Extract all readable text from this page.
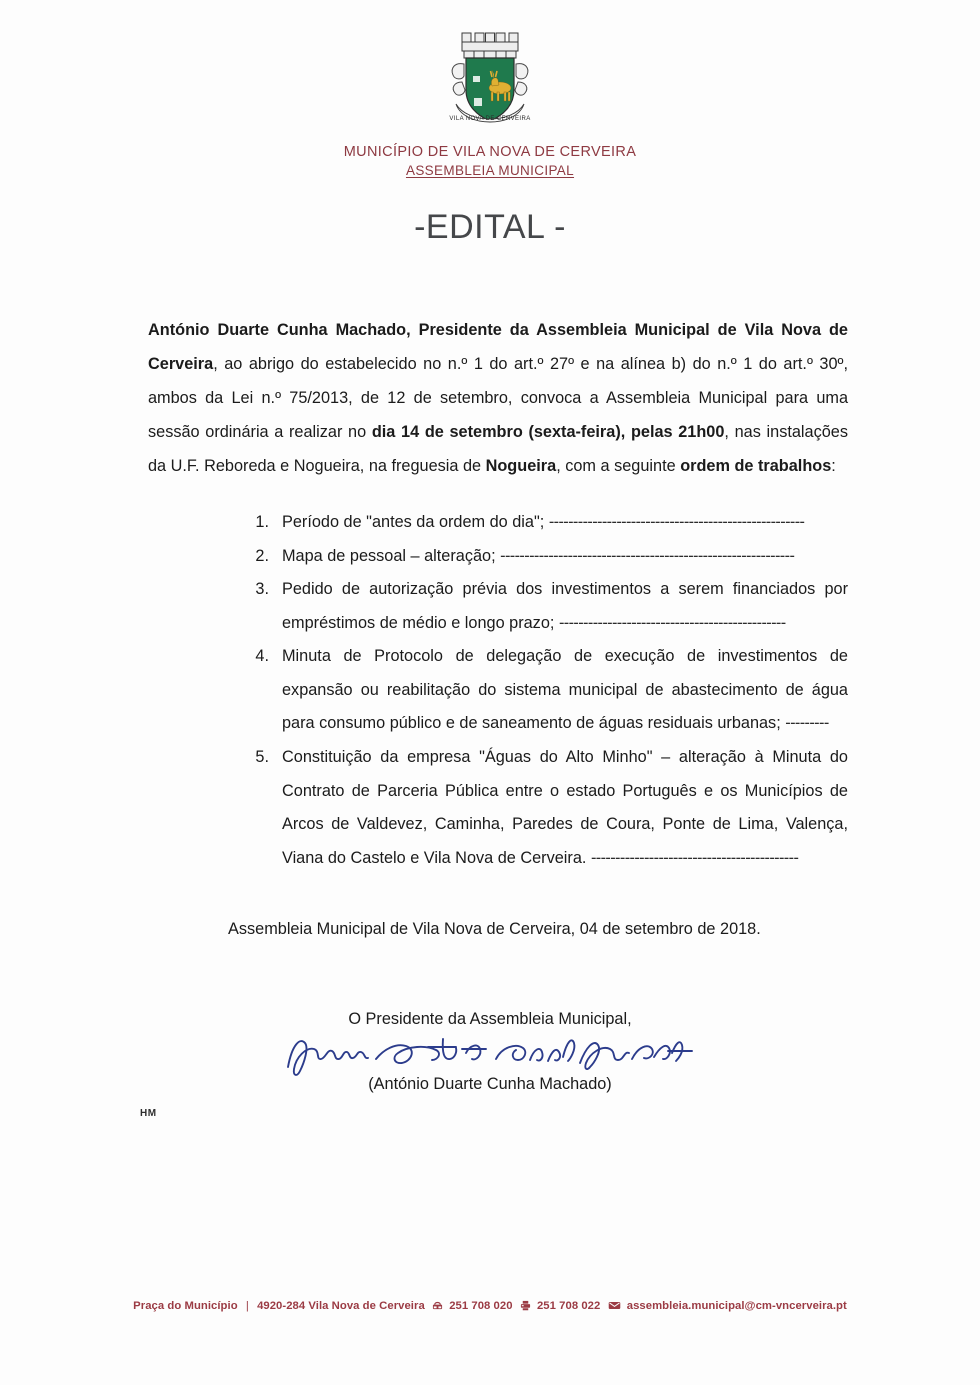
VILA NOVA DE CERVEIRA
MUNICÍPIO DE VILA NOVA DE CERVEIRA
ASSEMBLEIA MUNICIPAL
-EDITAL -
António Duarte Cunha Machado, Presidente da Assembleia Municipal de Vila Nova de Cerveira, ao abrigo do estabelecido no n.º 1 do art.º 27º e na alínea b) do n.º 1 do art.º 30º, ambos da Lei n.º 75/2013, de 12 de setembro, convoca a Assembleia Municipal para uma sessão ordinária a realizar no dia 14 de setembro (sexta-feira), pelas 21h00, nas instalações da U.F. Reboreda e Nogueira, na freguesia de Nogueira, com a seguinte ordem de trabalhos:
1. Período de "antes da ordem do dia"; -----------------------------------------------------
2. Mapa de pessoal – alteração; -------------------------------------------------------------
3. Pedido de autorização prévia dos investimentos a serem financiados por empréstimos de médio e longo prazo; -----------------------------------------------
4. Minuta de Protocolo de delegação de execução de investimentos de expansão ou reabilitação do sistema municipal de abastecimento de água para consumo público e de saneamento de águas residuais urbanas; ---------
5. Constituição da empresa "Águas do Alto Minho" – alteração à Minuta do Contrato de Parceria Pública entre o estado Português e os Municípios de Arcos de Valdevez, Caminha, Paredes de Coura, Ponte de Lima, Valença, Viana do Castelo e Vila Nova de Cerveira. -------------------------------------------
Assembleia Municipal de Vila Nova de Cerveira, 04 de setembro de 2018.
O Presidente da Assembleia Municipal,
(António Duarte Cunha Machado)
HM
Praça do Município | 4920-284 Vila Nova de Cerveira 251 708 020 251 708 022 assembleia.municipal@cm-vncerveira.pt
